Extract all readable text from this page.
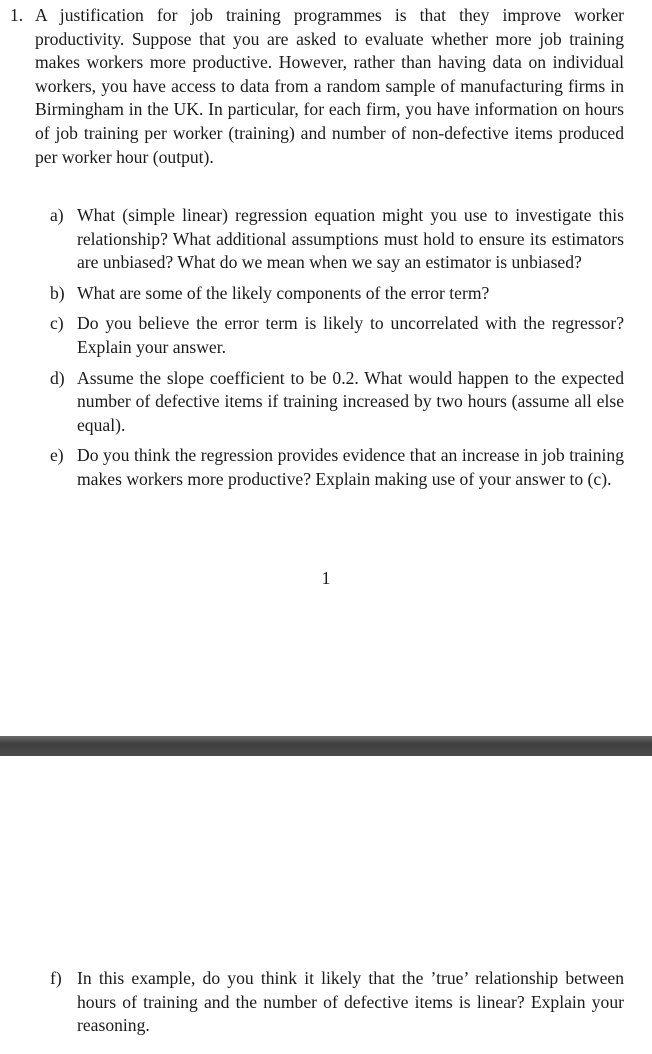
1. A justification for job training programmes is that they improve worker productivity. Suppose that you are asked to evaluate whether more job training makes workers more productive. However, rather than having data on individual workers, you have access to data from a random sample of manufacturing firms in Birmingham in the UK. In particular, for each firm, you have information on hours of job training per worker (training) and number of non-defective items produced per worker hour (output).
a) What (simple linear) regression equation might you use to investigate this relationship? What additional assumptions must hold to ensure its estimators are unbiased? What do we mean when we say an estimator is unbiased?
b) What are some of the likely components of the error term?
c) Do you believe the error term is likely to uncorrelated with the regressor? Explain your answer.
d) Assume the slope coefficient to be 0.2. What would happen to the expected number of defective items if training increased by two hours (assume all else equal).
e) Do you think the regression provides evidence that an increase in job training makes workers more productive? Explain making use of your answer to (c).
1
f) In this example, do you think it likely that the ’true’ relationship between hours of training and the number of defective items is linear? Explain your reasoning.
